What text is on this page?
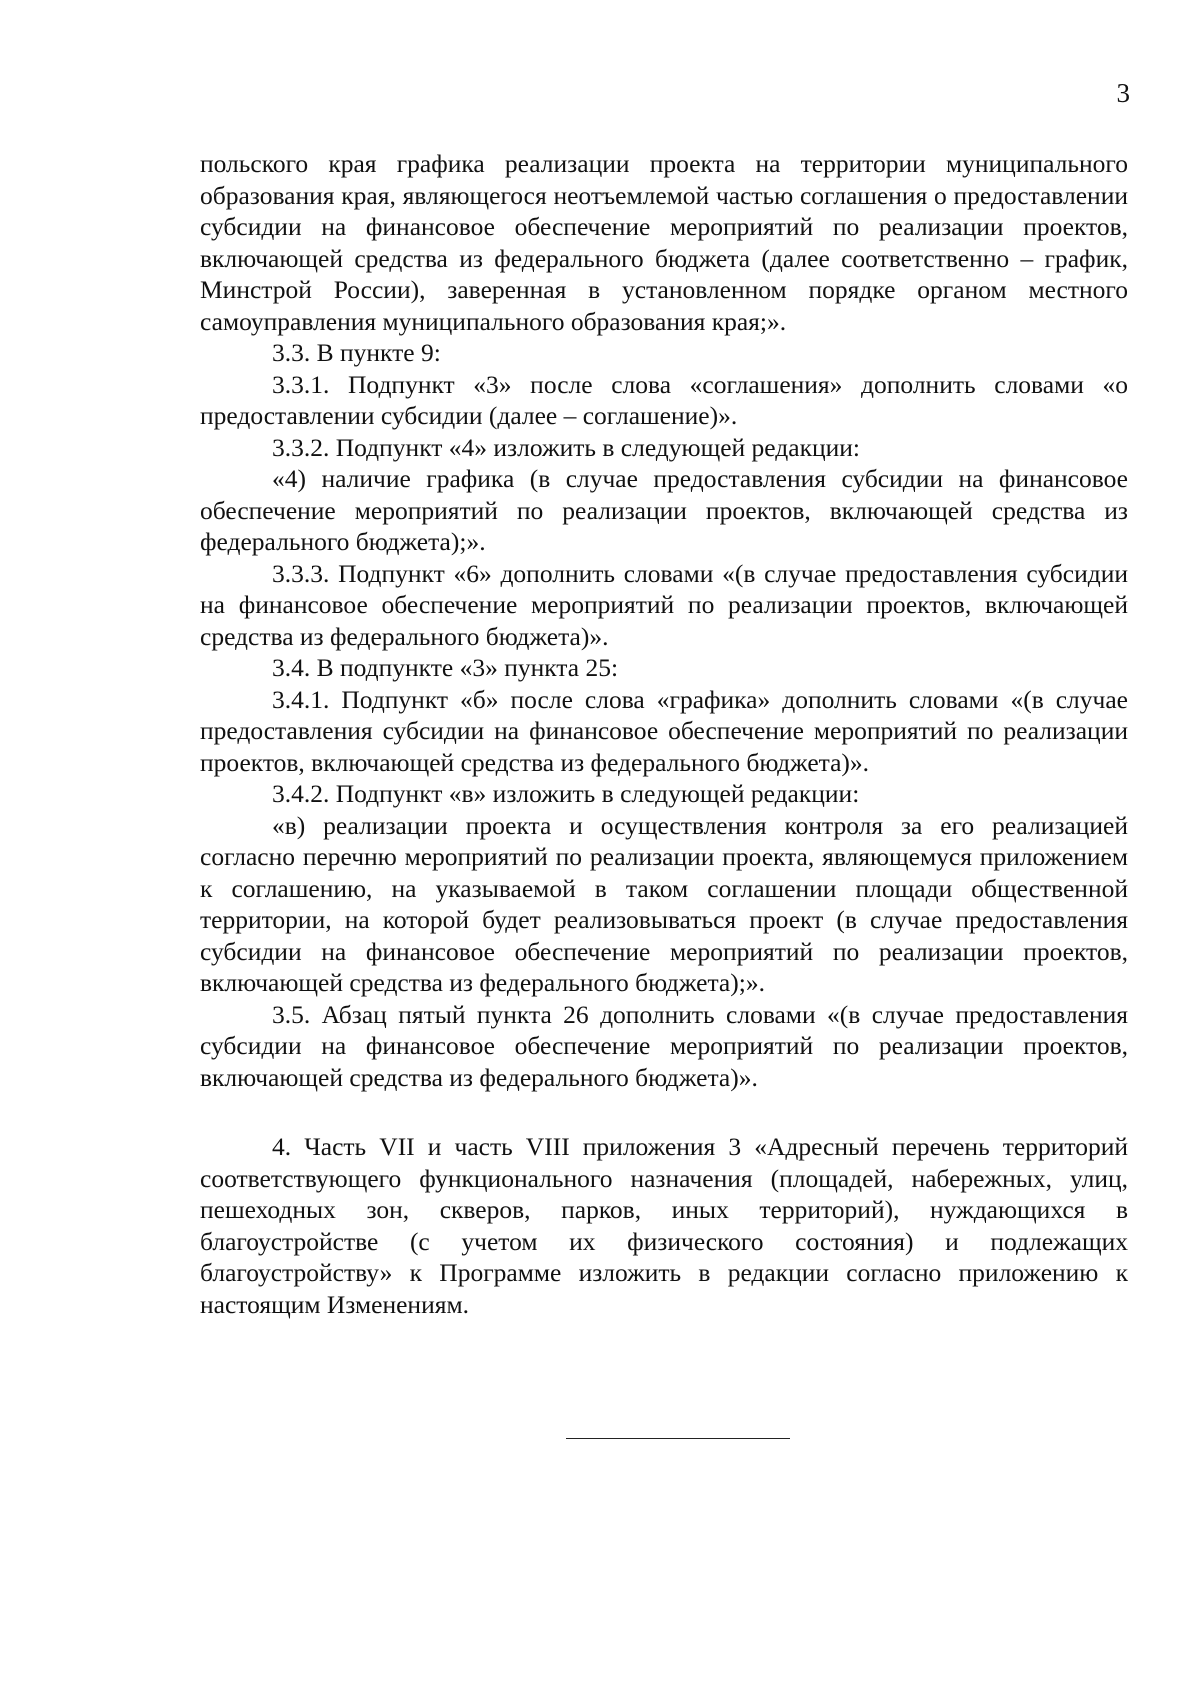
3

польского края графика реализации проекта на территории муниципального образования края, являющегося неотъемлемой частью соглашения о предоставлении субсидии на финансовое обеспечение мероприятий по реализации проектов, включающей средства из федерального бюджета (далее соответственно – график, Минстрой России), заверенная в установленном порядке органом местного самоуправления муниципального образования края;».

3.3. В пункте 9:

3.3.1. Подпункт «3» после слова «соглашения» дополнить словами «о предоставлении субсидии (далее – соглашение)».

3.3.2. Подпункт «4» изложить в следующей редакции:

«4) наличие графика (в случае предоставления субсидии на финансовое обеспечение мероприятий по реализации проектов, включающей средства из федерального бюджета);».

3.3.3. Подпункт «6» дополнить словами «(в случае предоставления субсидии на финансовое обеспечение мероприятий по реализации проектов, включающей средства из федерального бюджета)».

3.4. В подпункте «3» пункта 25:

3.4.1. Подпункт «б» после слова «графика» дополнить словами «(в случае предоставления субсидии на финансовое обеспечение мероприятий по реализации проектов, включающей средства из федерального бюджета)».

3.4.2. Подпункт «в» изложить в следующей редакции:

«в) реализации проекта и осуществления контроля за его реализацией согласно перечню мероприятий по реализации проекта, являющемуся приложением к соглашению, на указываемой в таком соглашении площади общественной территории, на которой будет реализовываться проект (в случае предоставления субсидии на финансовое обеспечение мероприятий по реализации проектов, включающей средства из федерального бюджета);».

3.5. Абзац пятый пункта 26 дополнить словами «(в случае предоставления субсидии на финансовое обеспечение мероприятий по реализации проектов, включающей средства из федерального бюджета)».

4. Часть VII и часть VIII приложения 3 «Адресный перечень территорий соответствующего функционального назначения (площадей, набережных, улиц, пешеходных зон, скверов, парков, иных территорий), нуждающихся в благоустройстве (с учетом их физического состояния) и подлежащих благоустройству» к Программе изложить в редакции согласно приложению к настоящим Изменениям.
